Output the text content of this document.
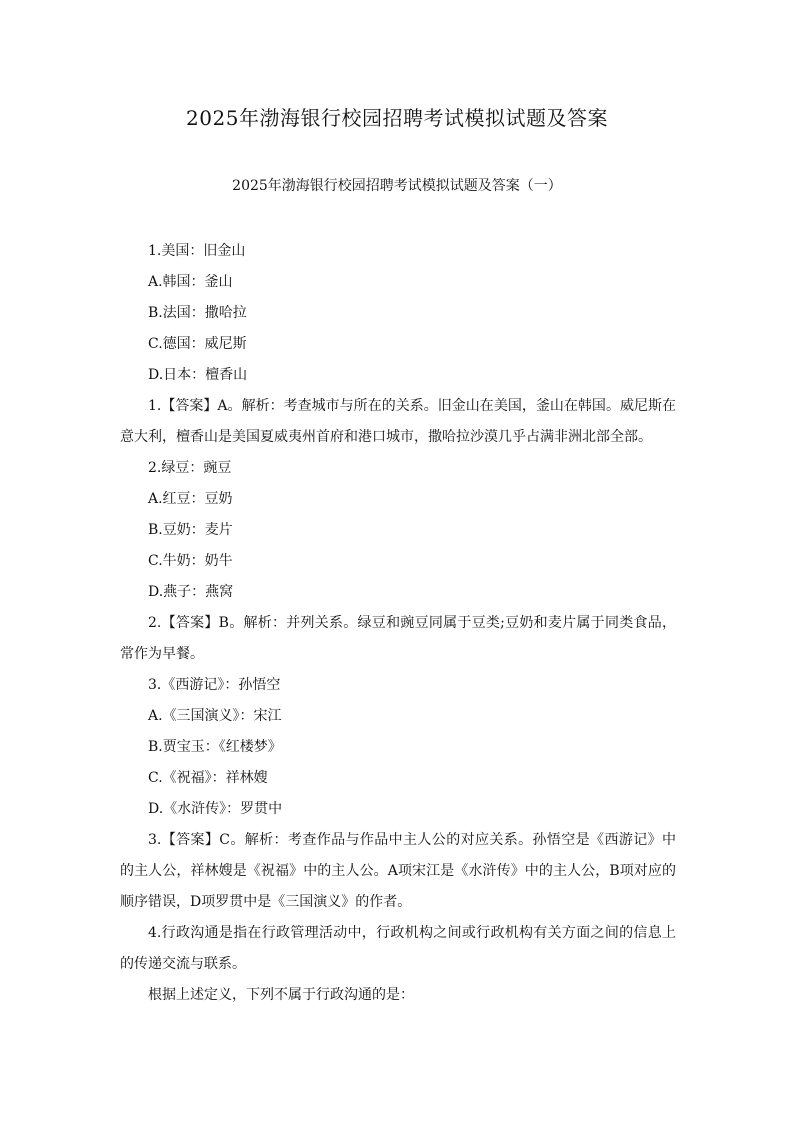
2025年渤海银行校园招聘考试模拟试题及答案
2025年渤海银行校园招聘考试模拟试题及答案（一）

1.美国：旧金山

A.韩国：釜山

B.法国：撒哈拉

C.德国：威尼斯

D.日本：檀香山

1.【答案】A。解析：考查城市与所在的关系。旧金山在美国，釜山在韩国。威尼斯在意大利，檀香山是美国夏威夷州首府和港口城市，撒哈拉沙漠几乎占满非洲北部全部。

2.绿豆：豌豆

A.红豆：豆奶

B.豆奶：麦片

C.牛奶：奶牛

D.燕子：燕窝

2.【答案】B。解析：并列关系。绿豆和豌豆同属于豆类;豆奶和麦片属于同类食品，常作为早餐。

3.《西游记》：孙悟空

A.《三国演义》：宋江

B.贾宝玉：《红楼梦》

C.《祝福》：祥林嫂

D.《水浒传》：罗贯中

3.【答案】C。解析：考查作品与作品中主人公的对应关系。孙悟空是《西游记》中的主人公，祥林嫂是《祝福》中的主人公。A项宋江是《水浒传》中的主人公，B项对应的顺序错误，D项罗贯中是《三国演义》的作者。

4.行政沟通是指在行政管理活动中，行政机构之间或行政机构有关方面之间的信息上的传递交流与联系。

根据上述定义，下列不属于行政沟通的是：
